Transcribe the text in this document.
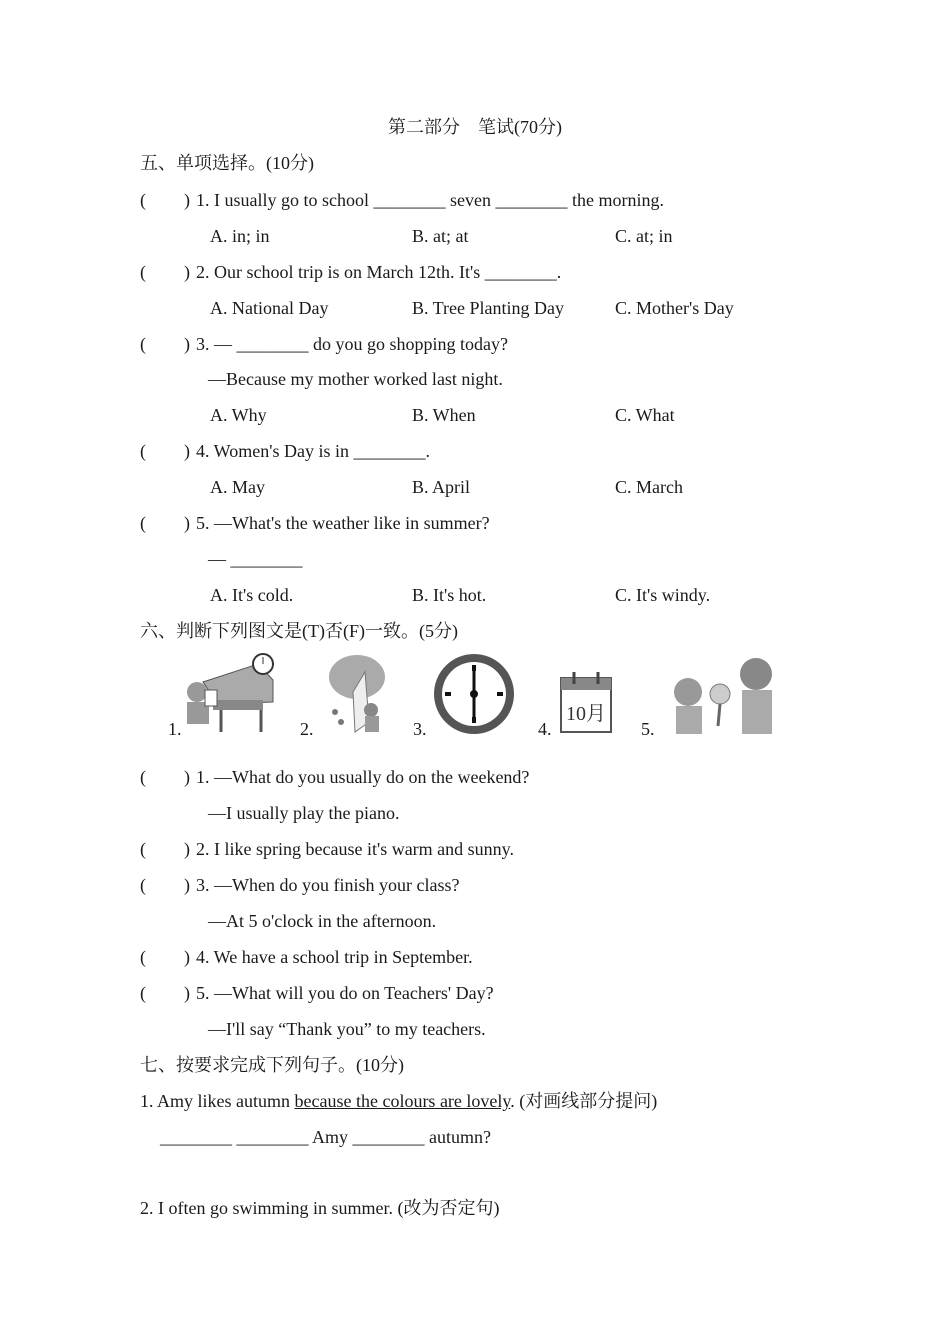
第二部分　笔试(70分)
五、单项选择。(10分)
( ) 1. I usually go to school ________ seven ________ the morning.
A. in; in	B. at; at	C. at; in
( ) 2. Our school trip is on March 12th. It's ________.
A. National Day	B. Tree Planting Day	C. Mother's Day
( ) 3. — ________ do you go shopping today?
—Because my mother worked last night.
A. Why	B. When	C. What
( ) 4. Women's Day is in ________.
A. May	B. April	C. March
( ) 5. —What's the weather like in summer?
— ________
A. It's cold.	B. It's hot.	C. It's windy.
六、判断下列图文是(T)否(F)一致。(5分)
1.	2.	3.	4.
10月
5.
( ) 1. —What do you usually do on the weekend?
—I usually play the piano.
( ) 2. I like spring because it's warm and sunny.
( ) 3. —When do you finish your class?
—At 5 o'clock in the afternoon.
( ) 4. We have a school trip in September.
( ) 5. —What will you do on Teachers' Day?
—I'll say “Thank you” to my teachers.
七、按要求完成下列句子。(10分)
1. Amy likes autumn because the colours are lovely. (对画线部分提问)
________ ________ Amy ________ autumn?
2. I often go swimming in summer. (改为否定句)
